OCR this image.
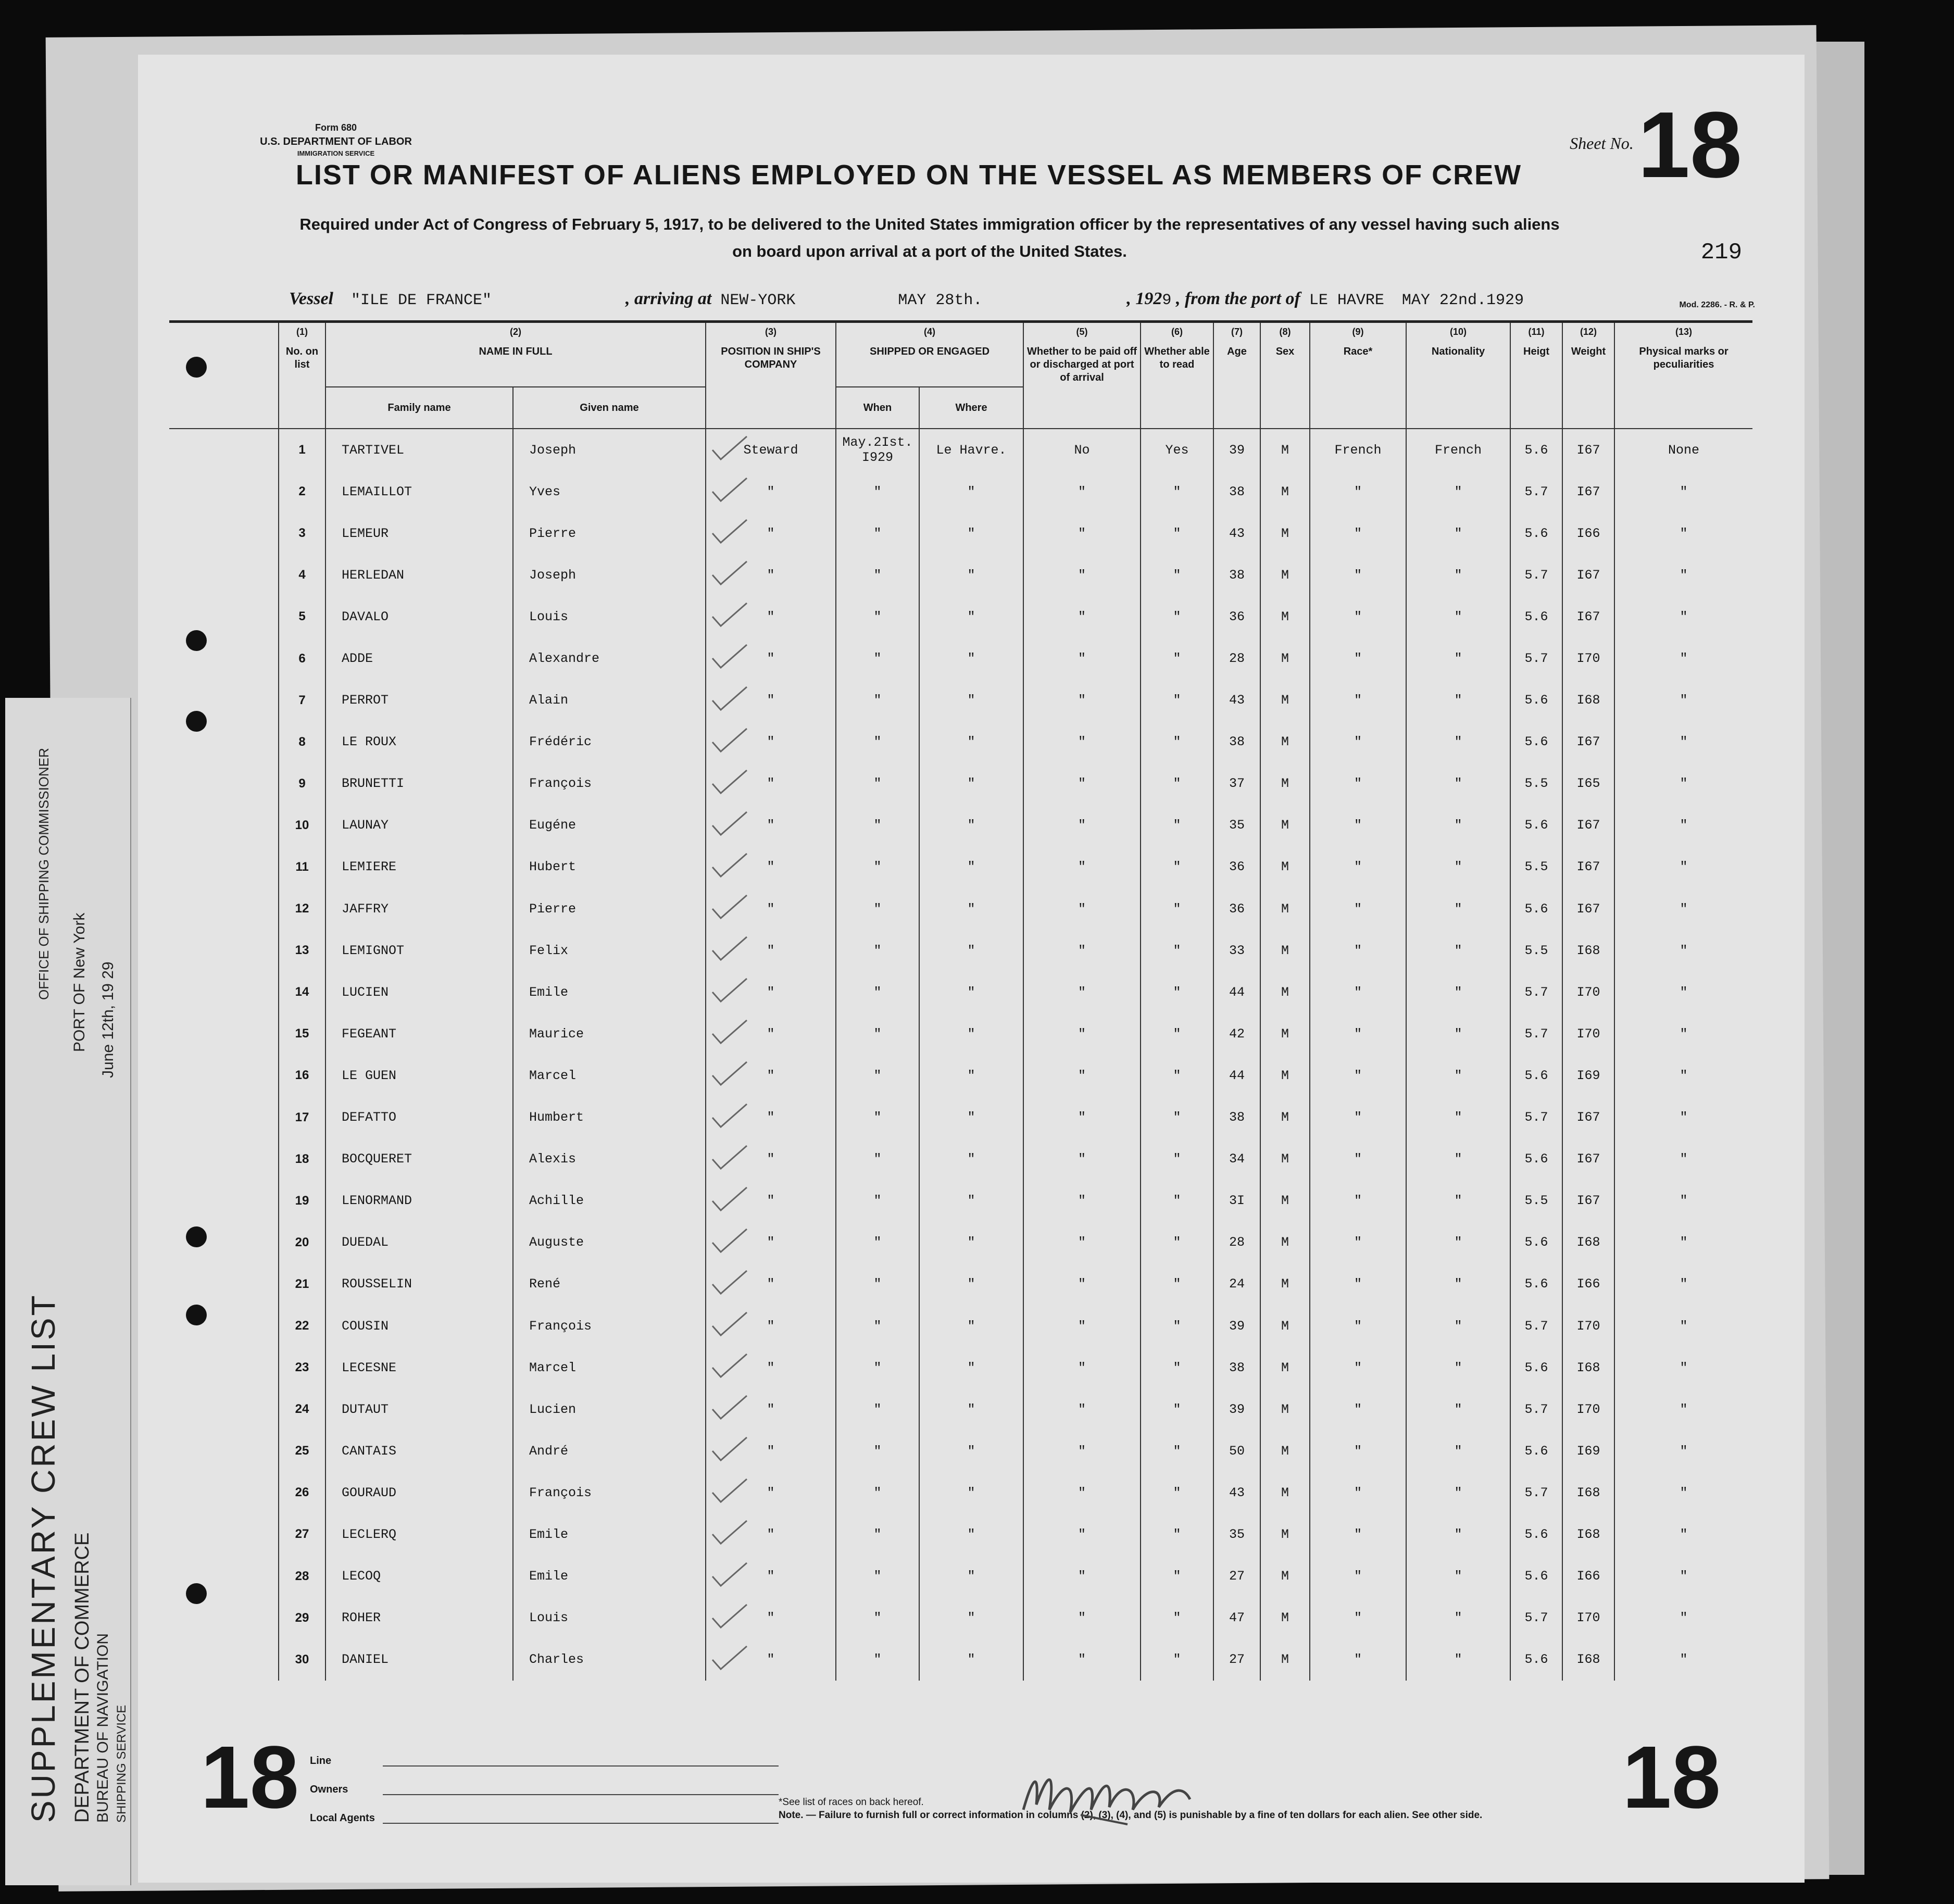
SUPPLEMENTARY CREW LIST DEPARTMENT OF COMMERCE BUREAU OF NAVIGATION SHIPPING SERVICE
OFFICE OF SHIPPING COMMISSIONER PORT OF New York June 12th, 19 29
Form 680
U.S. DEPARTMENT OF LABOR
IMMIGRATION SERVICE
Sheet No. 18
LIST OR MANIFEST OF ALIENS EMPLOYED ON THE VESSEL AS MEMBERS OF CREW
Required under Act of Congress of February 5, 1917, to be delivered to the United States immigration officer by the representatives of any vessel having such aliens
on board upon arrival at a port of the United States.	219
Vessel "ILE DE FRANCE"	, arriving at NEW-YORK	MAY 28th.	, 1929 , from the port of LE HAVRE MAY 22nd.1929	Mod. 2286. - R. & P.

	(1)
No. on list	(2)
NAME IN FULL		(3)
POSITION IN SHIP'S COMPANY	(4)
SHIPPED OR ENGAGED		(5)
Whether to be paid off or discharged at port of arrival	(6)
Whether able to read	(7)
Age	(8)
Sex	(9)
Race*	(10)
Nationality	(11)
Heigt	(12)
Weight	(13)
Physical marks or peculiarities
		Family name	Given name		When	Where									
	1	TARTIVEL	Joseph	Steward	May.2Ist. I929	Le Havre.	No	Yes	39	M	French	French	5.6	I67	None
	2	LEMAILLOT	Yves	"	"	"	"	"	38	M	"	"	5.7	I67	"
	3	LEMEUR	Pierre	"	"	"	"	"	43	M	"	"	5.6	I66	"
	4	HERLEDAN	Joseph	"	"	"	"	"	38	M	"	"	5.7	I67	"
	5	DAVALO	Louis	"	"	"	"	"	36	M	"	"	5.6	I67	"
	6	ADDE	Alexandre	"	"	"	"	"	28	M	"	"	5.7	I70	"
	7	PERROT	Alain	"	"	"	"	"	43	M	"	"	5.6	I68	"
	8	LE ROUX	Frédéric	"	"	"	"	"	38	M	"	"	5.6	I67	"
	9	BRUNETTI	François	"	"	"	"	"	37	M	"	"	5.5	I65	"
	10	LAUNAY	Eugéne	"	"	"	"	"	35	M	"	"	5.6	I67	"
	11	LEMIERE	Hubert	"	"	"	"	"	36	M	"	"	5.5	I67	"
	12	JAFFRY	Pierre	"	"	"	"	"	36	M	"	"	5.6	I67	"
	13	LEMIGNOT	Felix	"	"	"	"	"	33	M	"	"	5.5	I68	"
	14	LUCIEN	Emile	"	"	"	"	"	44	M	"	"	5.7	I70	"
	15	FEGEANT	Maurice	"	"	"	"	"	42	M	"	"	5.7	I70	"
	16	LE GUEN	Marcel	"	"	"	"	"	44	M	"	"	5.6	I69	"
	17	DEFATTO	Humbert	"	"	"	"	"	38	M	"	"	5.7	I67	"
	18	BOCQUERET	Alexis	"	"	"	"	"	34	M	"	"	5.6	I67	"
	19	LENORMAND	Achille	"	"	"	"	"	3I	M	"	"	5.5	I67	"
	20	DUEDAL	Auguste	"	"	"	"	"	28	M	"	"	5.6	I68	"
	21	ROUSSELIN	René	"	"	"	"	"	24	M	"	"	5.6	I66	"
	22	COUSIN	François	"	"	"	"	"	39	M	"	"	5.7	I70	"
	23	LECESNE	Marcel	"	"	"	"	"	38	M	"	"	5.6	I68	"
	24	DUTAUT	Lucien	"	"	"	"	"	39	M	"	"	5.7	I70	"
	25	CANTAIS	André	"	"	"	"	"	50	M	"	"	5.6	I69	"
	26	GOURAUD	François	"	"	"	"	"	43	M	"	"	5.7	I68	"
	27	LECLERQ	Emile	"	"	"	"	"	35	M	"	"	5.6	I68	"
	28	LECOQ	Emile	"	"	"	"	"	27	M	"	"	5.6	I66	"
	29	ROHER	Louis	"	"	"	"	"	47	M	"	"	5.7	I70	"
	30	DANIEL	Charles	"	"	"	"	"	27	M	"	"	5.6	I68	"
18 Line
Owners
Local Agents
*See list of races on back hereof.
Note. — Failure to furnish full or correct information in columns (2), (3), (4), and (5) is punishable by a fine of ten dollars for each alien. See other side. 18
